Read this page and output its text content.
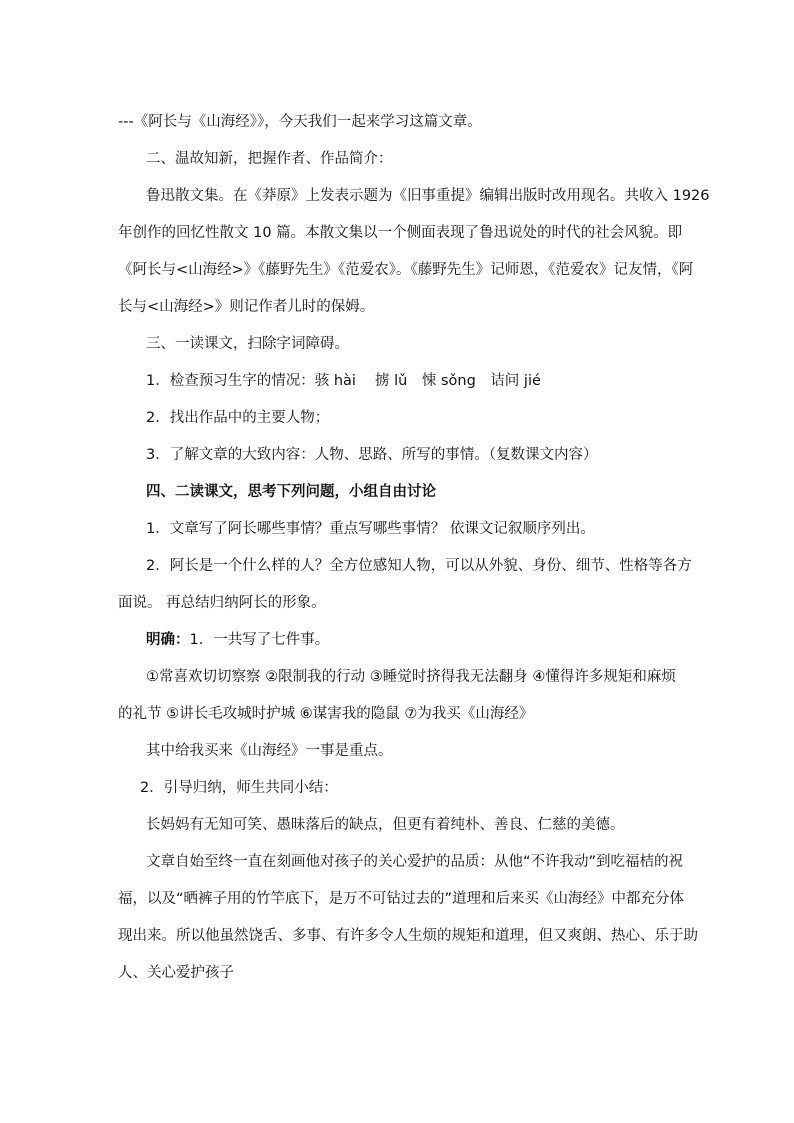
---《阿长与《山海经》》，今天我们一起来学习这篇文章。
二、温故知新，把握作者、作品简介：
鲁迅散文集。在《莽原》上发表示题为《旧事重提》编辑出版时改用现名。共收入 1926
年创作的回忆性散文 10 篇。本散文集以一个侧面表现了鲁迅说处的时代的社会风貌。即
《阿长与<山海经>》《藤野先生》《范爱农》。《藤野先生》记师恩，《范爱农》记友情，《阿
长与<山海经>》则记作者儿时的保姆。
三、一读课文，扫除字词障碍。
1．检查预习生字的情况：骇 hài　 掳 lǔ　悚 sǒng　诘问 jié
2．找出作品中的主要人物；
3．了解文章的大致内容：人物、思路、所写的事情。（复数课文内容）
四、二读课文，思考下列问题，小组自由讨论
1．文章写了阿长哪些事情？重点写哪些事情？ 依课文记叙顺序列出。
2．阿长是一个什么样的人？全方位感知人物，可以从外貌、身份、细节、性格等各方
面说。 再总结归纳阿长的形象。
明确：1．一共写了七件事。
①常喜欢切切察察 ②限制我的行动 ③睡觉时挤得我无法翻身 ④懂得许多规矩和麻烦
的礼节 ⑤讲长毛攻城时护城 ⑥谋害我的隐鼠 ⑦为我买《山海经》
其中给我买来《山海经》一事是重点。
2．引导归纳，师生共同小结：
长妈妈有无知可笑、愚昧落后的缺点，但更有着纯朴、善良、仁慈的美德。
文章自始至终一直在刻画他对孩子的关心爱护的品质：从他“不许我动”到吃福桔的祝
福，以及“晒裤子用的竹竿底下，是万不可钻过去的”道理和后来买《山海经》中都充分体
现出来。所以他虽然饶舌、多事、有许多令人生烦的规矩和道理，但又爽朗、热心、乐于助
人、关心爱护孩子
